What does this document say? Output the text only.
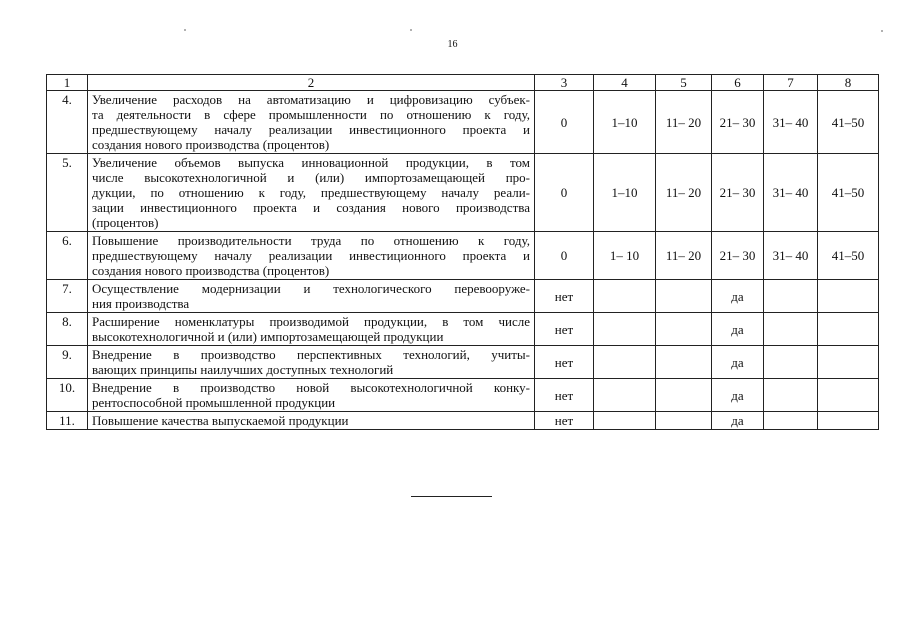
16
1	2	3	4	5	6	7	8
4.	Увеличение расходов на автоматизацию и цифровизацию субъек-
та деятельности в сфере промышленности по отношению к году,
предшествующему началу реализации инвестиционного проекта и
создания нового производства (процентов)	0	1–10	11– 20	21– 30	31– 40	41–50
5.	Увеличение объемов выпуска инновационной продукции, в том
числе высокотехнологичной и (или) импортозамещающей про-
дукции, по отношению к году, предшествующему началу реали-
зации инвестиционного проекта и создания нового производства
(процентов)	0	1–10	11– 20	21– 30	31– 40	41–50
6.	Повышение производительности труда по отношению к году,
предшествующему началу реализации инвестиционного проекта и
создания нового производства (процентов)	0	1– 10	11– 20	21– 30	31– 40	41–50
7.	Осуществление модернизации и технологического перевооруже-
ния производства	нет			да		
8.	Расширение номенклатуры производимой продукции, в том числе
высокотехнологичной и (или) импортозамещающей продукции	нет			да		
9.	Внедрение в производство перспективных технологий, учиты-
вающих принципы наилучших доступных технологий	нет			да		
10.	Внедрение в производство новой высокотехнологичной конку-
рентоспособной промышленной продукции	нет			да		
11.	Повышение качества выпускаемой продукции	нет			да		
